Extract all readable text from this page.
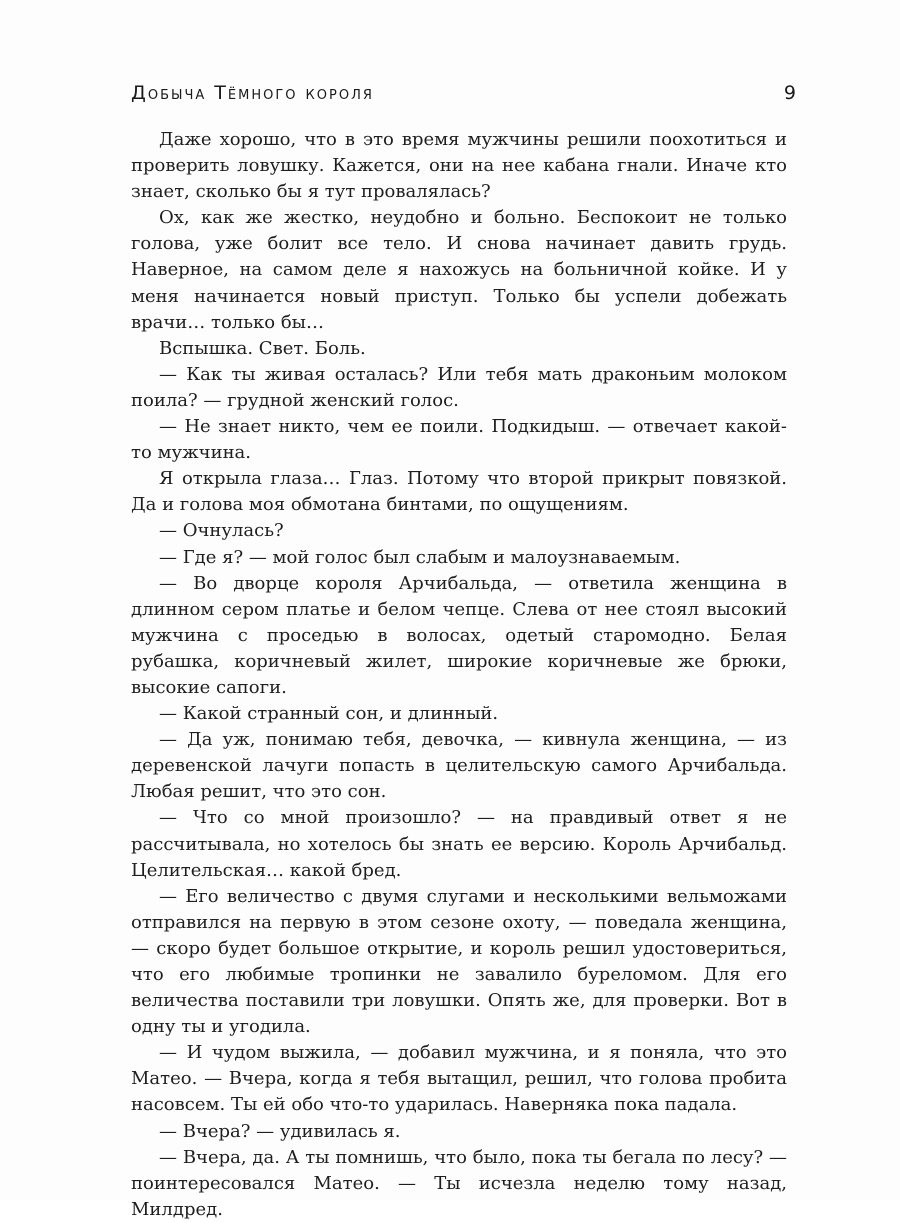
Добыча Тёмного короля	9

Даже хорошо, что в это время мужчины решили поохотиться и проверить ловушку. Кажется, они на нее кабана гнали. Иначе кто знает, сколько бы я тут провалялась?

Ох, как же жестко, неудобно и больно. Беспокоит не только голова, уже болит все тело. И снова начинает давить грудь. Наверное, на самом деле я нахожусь на больничной койке. И у меня начинается новый приступ. Только бы успели добежать врачи… только бы…

Вспышка. Свет. Боль.

— Как ты живая осталась? Или тебя мать драконьим молоком поила? — грудной женский голос.

— Не знает никто, чем ее поили. Подкидыш. — отвечает какой-то мужчина.

Я открыла глаза… Глаз. Потому что второй прикрыт повязкой. Да и голова моя обмотана бинтами, по ощущениям.

— Очнулась?

— Где я? — мой голос был слабым и малоузнаваемым.

— Во дворце короля Арчибальда, — ответила женщина в длинном сером платье и белом чепце. Слева от нее стоял высокий мужчина с проседью в волосах, одетый старомодно. Белая рубашка, коричневый жилет, широкие коричневые же брюки, высокие сапоги.

— Какой странный сон, и длинный.

— Да уж, понимаю тебя, девочка, — кивнула женщина, — из деревенской лачуги попасть в целительскую самого Арчибальда. Любая решит, что это сон.

— Что со мной произошло? — на правдивый ответ я не рассчитывала, но хотелось бы знать ее версию. Король Арчибальд. Целительская… какой бред.

— Его величество с двумя слугами и несколькими вельможами отправился на первую в этом сезоне охоту, — поведала женщина, — скоро будет большое открытие, и король решил удостовериться, что его любимые тропинки не завалило буреломом. Для его величества поставили три ловушки. Опять же, для проверки. Вот в одну ты и угодила.

— И чудом выжила, — добавил мужчина, и я поняла, что это Матео. — Вчера, когда я тебя вытащил, решил, что голова пробита насовсем. Ты ей обо что-то ударилась. Наверняка пока падала.

— Вчера? — удивилась я.

— Вчера, да. А ты помнишь, что было, пока ты бегала по лесу? — поинтересовался Матео. — Ты исчезла неделю тому назад, Милдред.
